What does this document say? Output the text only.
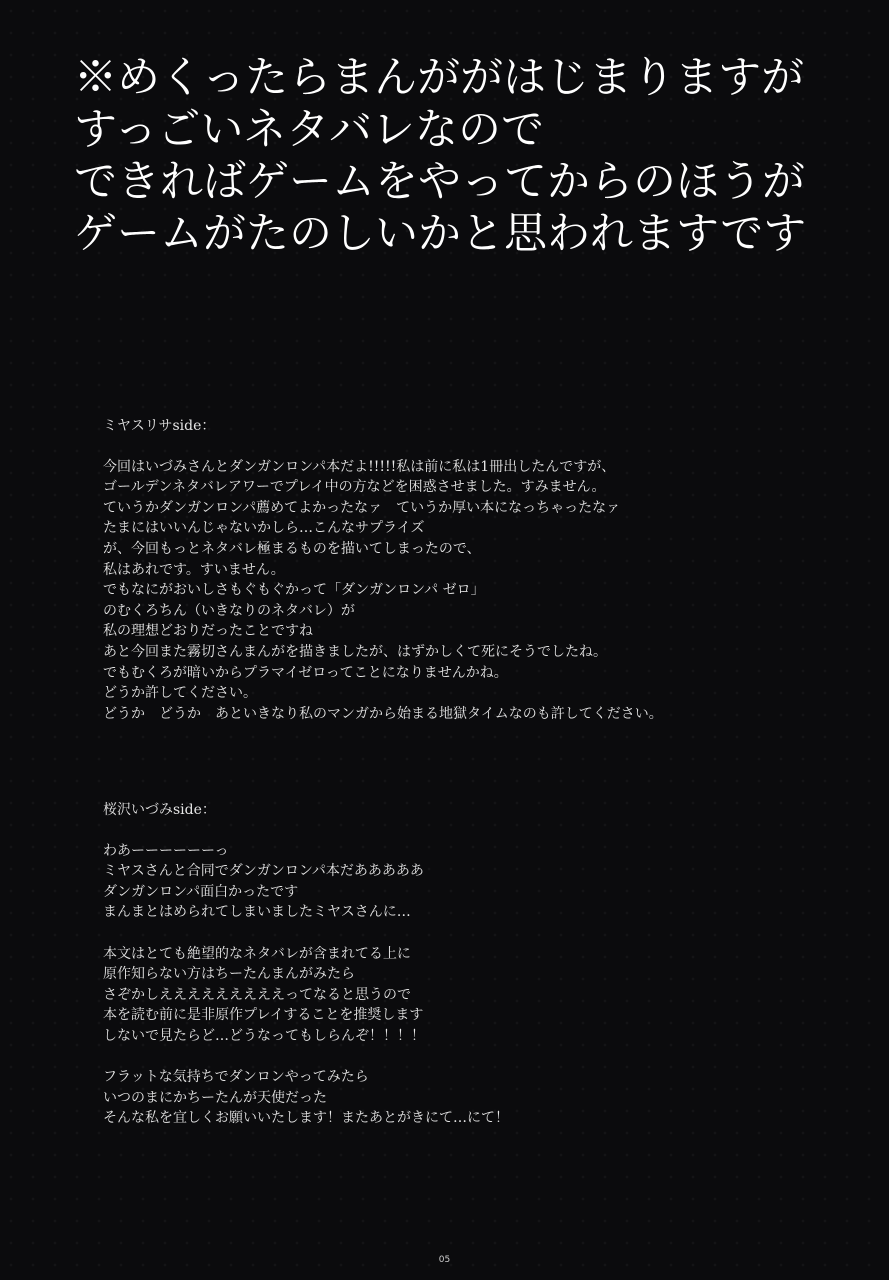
※めくったらまんががはじまりますが
すっごいネタバレなので
できればゲームをやってからのほうが
ゲームがたのしいかと思われますです
ミヤスリサside：
今回はいづみさんとダンガンロンパ本だよ!!!!!私は前に私は1冊出したんですが、
ゴールデンネタバレアワーでプレイ中の方などを困惑させました。すみません。
ていうかダンガンロンパ薦めてよかったなァ　ていうか厚い本になっちゃったなァ
たまにはいいんじゃないかしら…こんなサプライズ
が、今回もっとネタバレ極まるものを描いてしまったので、
私はあれです。すいません。
でもなにがおいしさもぐもぐかって「ダンガンロンパ ゼロ」
のむくろちん（いきなりのネタバレ）が
私の理想どおりだったことですね
あと今回また霧切さんまんがを描きましたが、はずかしくて死にそうでしたね。
でもむくろが暗いからプラマイゼロってことになりませんかね。
どうか許してください。
どうか　どうか　あといきなり私のマンガから始まる地獄タイムなのも許してください。
桜沢いづみside：
わあーーーーーーっ
ミヤスさんと合同でダンガンロンパ本だあああああ
ダンガンロンパ面白かったです
まんまとはめられてしまいましたミヤスさんに…
本文はとても絶望的なネタバレが含まれてる上に
原作知らない方はちーたんまんがみたら
さぞかしえええええええええってなると思うので
本を読む前に是非原作プレイすることを推奨します
しないで見たらど…どうなってもしらんぞ！！！！
フラットな気持ちでダンロンやってみたら
いつのまにかちーたんが天使だった
そんな私を宜しくお願いいたします！またあとがきにて…にて！
05
